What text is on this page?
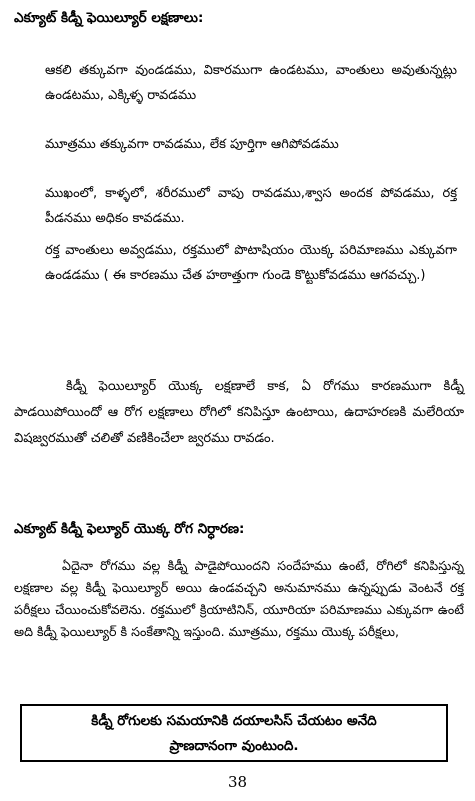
ఎక్యూట్ కిడ్నీ ఫెయిల్యూర్ లక్షణాలు:
ఆకలి తక్కువగా వుండడము, వికారముగా ఉండటము, వాంతులు అవుతున్నట్లు ఉండటము, ఎక్కిళ్ళ రావడము
మూత్రము తక్కువగా రావడము, లేక పూర్తిగా ఆగిపోవడము
ముఖంలో, కాళ్ళలో, శరీరములో వాపు రావడము,శ్వాస అందక పోవడము, రక్త పీడనము అధికం కావడము.
రక్త వాంతులు అవ్వడము, రక్తములో పొటాషియం యొక్క పరిమాణము ఎక్కువగా ఉండడము ( ఈ కారణము చేత హఠాత్తుగా గుండె కొట్టుకోవడము ఆగవచ్చు.)
కిడ్నీ ఫెయిల్యూర్ యొక్క లక్షణాలే కాక, ఏ రోగము కారణముగా కిడ్నీ పాడయిపోయిందో ఆ రోగ లక్షణాలు రోగిలో కనిపిస్తూ ఉంటాయి, ఉదాహరణకి మలేరియా విషజ్వరముతో చలితో వణికించేలా జ్వరము రావడం.
ఎక్యూట్ కిడ్నీ ఫెల్యూర్ యొక్క రోగ నిర్ధారణ:
ఏదైనా రోగము వల్ల కిడ్నీ పాడైపోయిందని సందేహము ఉంటే, రోగిలో కనిపిస్తున్న లక్షణాల వల్ల కిడ్నీ ఫెయిల్యూర్ అయి ఉండవచ్చని అనుమానము ఉన్నప్పుడు వెంటనే రక్త పరీక్షలు చేయించుకోవలెను. రక్తములో క్రియాటినిన్, యూరియా పరిమాణము ఎక్కువగా ఉంటే అది కిడ్నీ ఫెయిల్యూర్ కి సంకేతాన్ని ఇస్తుంది. మూత్రము, రక్తము యొక్క పరీక్షలు,
కిడ్నీ రోగులకు సమయానికి దయాలసిస్ చేయటం అనేది
ప్రాణదానంగా వుంటుంది.
38
